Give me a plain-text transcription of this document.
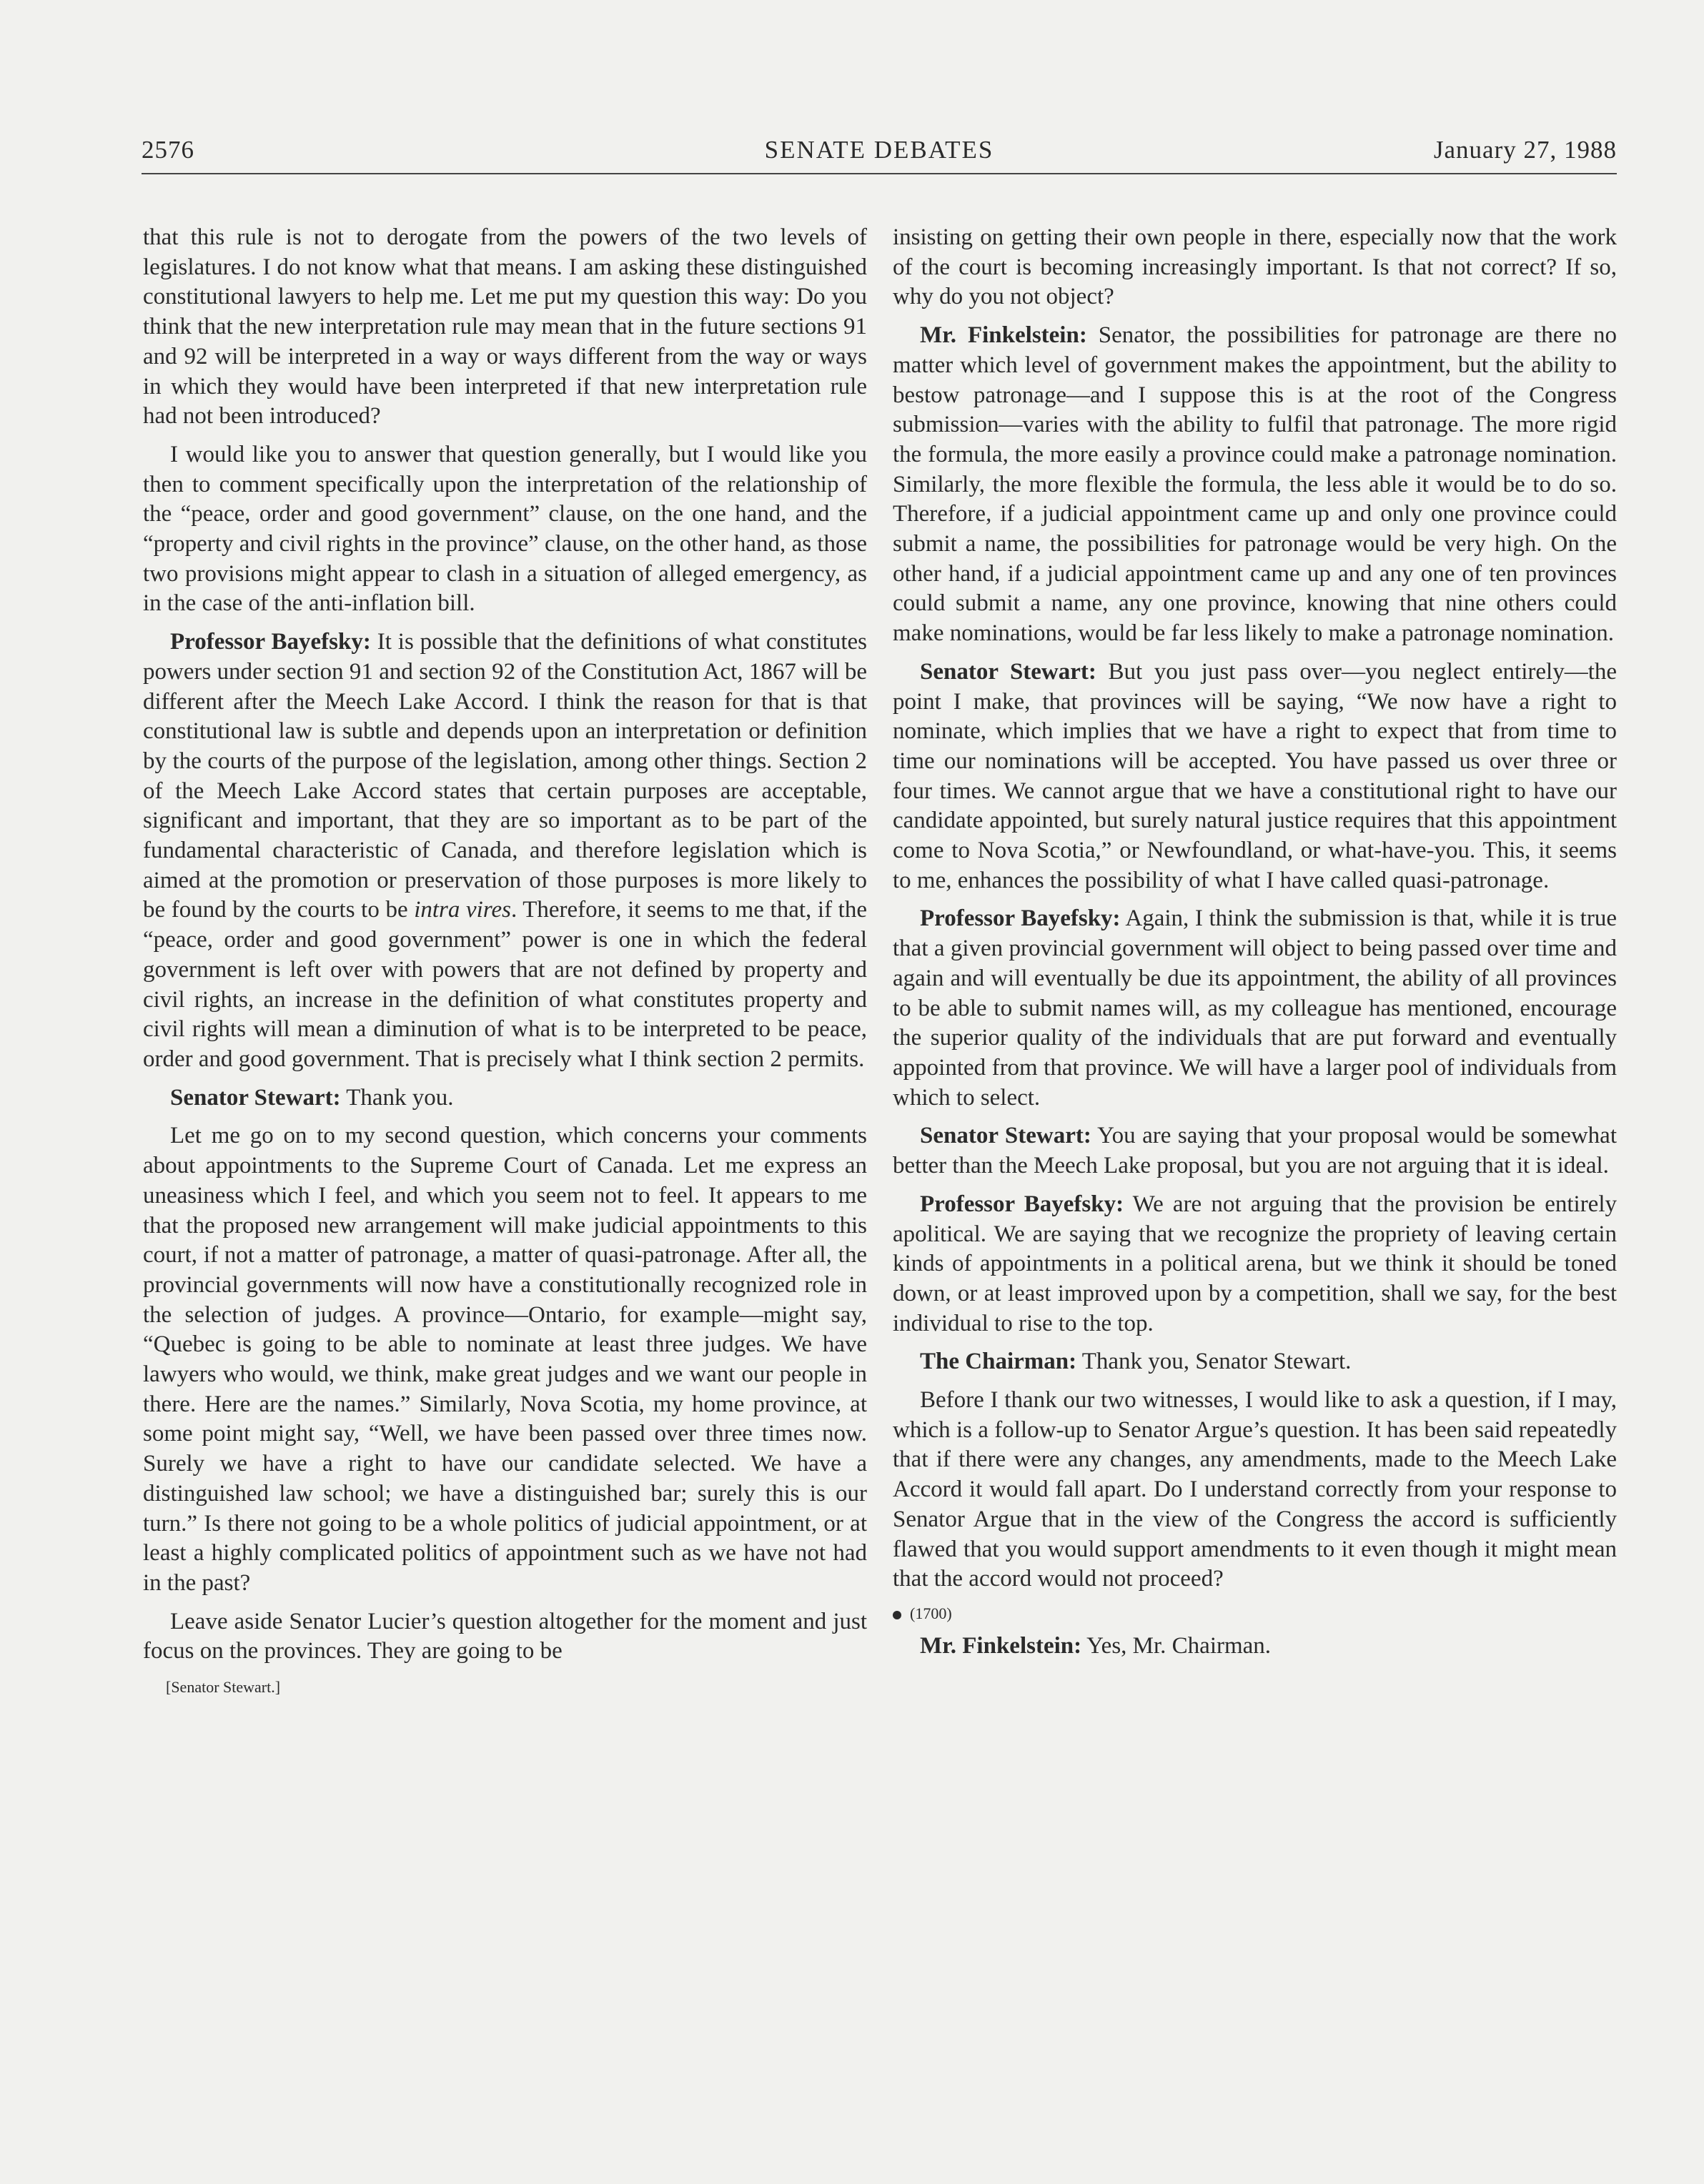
2576	SENATE DEBATES	January 27, 1988

that this rule is not to derogate from the powers of the two levels of legislatures. I do not know what that means. I am asking these distinguished constitutional lawyers to help me. Let me put my question this way: Do you think that the new interpretation rule may mean that in the future sections 91 and 92 will be interpreted in a way or ways different from the way or ways in which they would have been interpreted if that new interpretation rule had not been introduced?

I would like you to answer that question generally, but I would like you then to comment specifically upon the interpretation of the relationship of the “peace, order and good government” clause, on the one hand, and the “property and civil rights in the province” clause, on the other hand, as those two provisions might appear to clash in a situation of alleged emergency, as in the case of the anti-inflation bill.

Professor Bayefsky: It is possible that the definitions of what constitutes powers under section 91 and section 92 of the Constitution Act, 1867 will be different after the Meech Lake Accord. I think the reason for that is that constitutional law is subtle and depends upon an interpretation or definition by the courts of the purpose of the legislation, among other things. Section 2 of the Meech Lake Accord states that certain purposes are acceptable, significant and important, that they are so important as to be part of the fundamental characteristic of Canada, and therefore legislation which is aimed at the promotion or preservation of those purposes is more likely to be found by the courts to be intra vires. Therefore, it seems to me that, if the “peace, order and good government” power is one in which the federal government is left over with powers that are not defined by property and civil rights, an increase in the definition of what constitutes property and civil rights will mean a diminution of what is to be interpreted to be peace, order and good government. That is precisely what I think section 2 permits.

Senator Stewart: Thank you.

Let me go on to my second question, which concerns your comments about appointments to the Supreme Court of Canada. Let me express an uneasiness which I feel, and which you seem not to feel. It appears to me that the proposed new arrangement will make judicial appointments to this court, if not a matter of patronage, a matter of quasi-patronage. After all, the provincial governments will now have a constitutionally recognized role in the selection of judges. A province—Ontario, for example—might say, “Quebec is going to be able to nominate at least three judges. We have lawyers who would, we think, make great judges and we want our people in there. Here are the names.” Similarly, Nova Scotia, my home province, at some point might say, “Well, we have been passed over three times now. Surely we have a right to have our candidate selected. We have a distinguished law school; we have a distinguished bar; surely this is our turn.” Is there not going to be a whole politics of judicial appointment, or at least a highly complicated politics of appointment such as we have not had in the past?

Leave aside Senator Lucier’s question altogether for the moment and just focus on the provinces. They are going to be

[Senator Stewart.]

insisting on getting their own people in there, especially now that the work of the court is becoming increasingly important. Is that not correct? If so, why do you not object?

Mr. Finkelstein: Senator, the possibilities for patronage are there no matter which level of government makes the appointment, but the ability to bestow patronage—and I suppose this is at the root of the Congress submission—varies with the ability to fulfil that patronage. The more rigid the formula, the more easily a province could make a patronage nomination. Similarly, the more flexible the formula, the less able it would be to do so. Therefore, if a judicial appointment came up and only one province could submit a name, the possibilities for patronage would be very high. On the other hand, if a judicial appointment came up and any one of ten provinces could submit a name, any one province, knowing that nine others could make nominations, would be far less likely to make a patronage nomination.

Senator Stewart: But you just pass over—you neglect entirely—the point I make, that provinces will be saying, “We now have a right to nominate, which implies that we have a right to expect that from time to time our nominations will be accepted. You have passed us over three or four times. We cannot argue that we have a constitutional right to have our candidate appointed, but surely natural justice requires that this appointment come to Nova Scotia,” or Newfoundland, or what-have-you. This, it seems to me, enhances the possibility of what I have called quasi-patronage.

Professor Bayefsky: Again, I think the submission is that, while it is true that a given provincial government will object to being passed over time and again and will eventually be due its appointment, the ability of all provinces to be able to submit names will, as my colleague has mentioned, encourage the superior quality of the individuals that are put forward and eventually appointed from that province. We will have a larger pool of individuals from which to select.

Senator Stewart: You are saying that your proposal would be somewhat better than the Meech Lake proposal, but you are not arguing that it is ideal.

Professor Bayefsky: We are not arguing that the provision be entirely apolitical. We are saying that we recognize the propriety of leaving certain kinds of appointments in a political arena, but we think it should be toned down, or at least improved upon by a competition, shall we say, for the best individual to rise to the top.

The Chairman: Thank you, Senator Stewart.

Before I thank our two witnesses, I would like to ask a question, if I may, which is a follow-up to Senator Argue’s question. It has been said repeatedly that if there were any changes, any amendments, made to the Meech Lake Accord it would fall apart. Do I understand correctly from your response to Senator Argue that in the view of the Congress the accord is sufficiently flawed that you would support amendments to it even though it might mean that the accord would not proceed?

(1700)

Mr. Finkelstein: Yes, Mr. Chairman.
